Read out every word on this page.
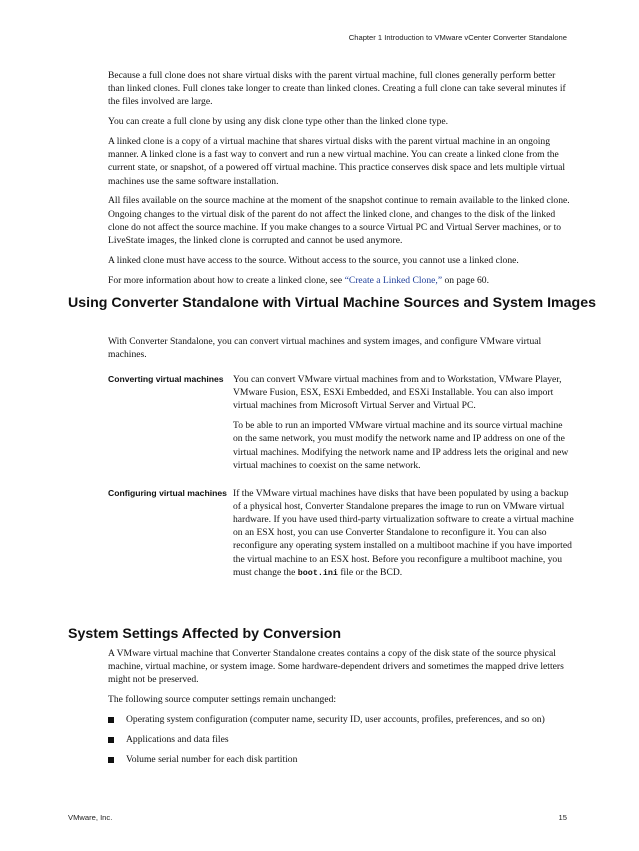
Chapter 1 Introduction to VMware vCenter Converter Standalone

Because a full clone does not share virtual disks with the parent virtual machine, full clones generally perform better than linked clones. Full clones take longer to create than linked clones. Creating a full clone can take several minutes if the files involved are large.

You can create a full clone by using any disk clone type other than the linked clone type.

A linked clone is a copy of a virtual machine that shares virtual disks with the parent virtual machine in an ongoing manner. A linked clone is a fast way to convert and run a new virtual machine. You can create a linked clone from the current state, or snapshot, of a powered off virtual machine. This practice conserves disk space and lets multiple virtual machines use the same software installation.

All files available on the source machine at the moment of the snapshot continue to remain available to the linked clone. Ongoing changes to the virtual disk of the parent do not affect the linked clone, and changes to the disk of the linked clone do not affect the source machine. If you make changes to a source Virtual PC and Virtual Server machines, or to LiveState images, the linked clone is corrupted and cannot be used anymore.

A linked clone must have access to the source. Without access to the source, you cannot use a linked clone.

For more information about how to create a linked clone, see “Create a Linked Clone,” on page 60.

Using Converter Standalone with Virtual Machine Sources and System Images

With Converter Standalone, you can convert virtual machines and system images, and configure VMware virtual machines.

Converting virtual machines You can convert VMware virtual machines from and to Workstation, VMware Player, VMware Fusion, ESX, ESXi Embedded, and ESXi Installable. You can also import virtual machines from Microsoft Virtual Server and Virtual PC.

To be able to run an imported VMware virtual machine and its source virtual machine on the same network, you must modify the network name and IP address on one of the virtual machines. Modifying the network name and IP address lets the original and new virtual machines to coexist on the same network.

Configuring virtual machines If the VMware virtual machines have disks that have been populated by using a backup of a physical host, Converter Standalone prepares the image to run on VMware virtual hardware. If you have used third-party virtualization software to create a virtual machine on an ESX host, you can use Converter Standalone to reconfigure it. You can also reconfigure any operating system installed on a multiboot machine if you have imported the virtual machine to an ESX host. Before you reconfigure a multiboot machine, you must change the boot.ini file or the BCD.

System Settings Affected by Conversion

A VMware virtual machine that Converter Standalone creates contains a copy of the disk state of the source physical machine, virtual machine, or system image. Some hardware-dependent drivers and sometimes the mapped drive letters might not be preserved.

The following source computer settings remain unchanged:

Operating system configuration (computer name, security ID, user accounts, profiles, preferences, and so on)
Applications and data files
Volume serial number for each disk partition
VMware, Inc.	15
